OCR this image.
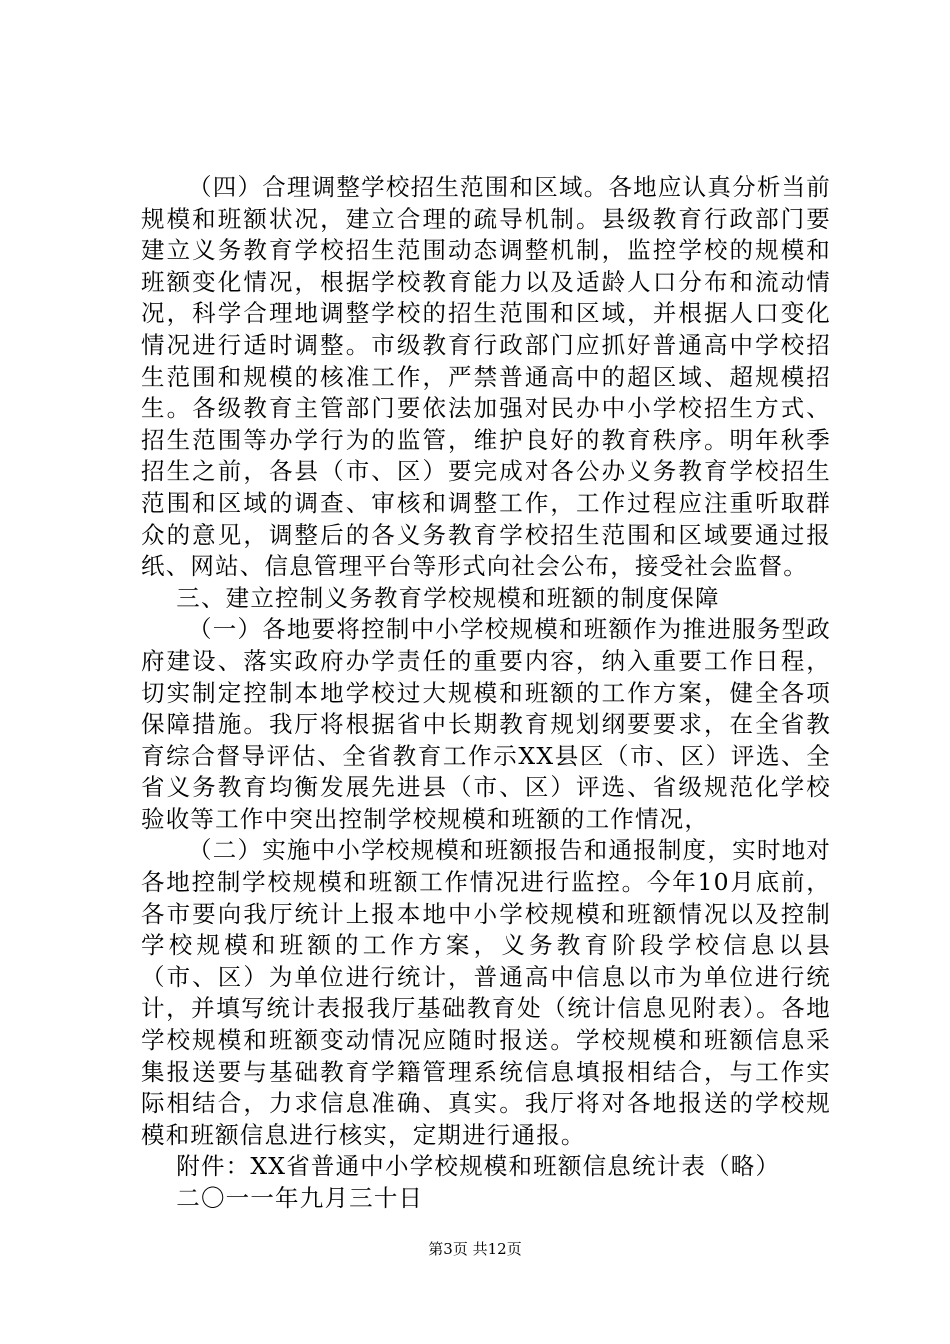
（四）合理调整学校招生范围和区域。各地应认真分析当前规模和班额状况，建立合理的疏导机制。县级教育行政部门要建立义务教育学校招生范围动态调整机制，监控学校的规模和班额变化情况，根据学校教育能力以及适龄人口分布和流动情况，科学合理地调整学校的招生范围和区域，并根据人口变化情况进行适时调整。市级教育行政部门应抓好普通高中学校招生范围和规模的核准工作，严禁普通高中的超区域、超规模招生。各级教育主管部门要依法加强对民办中小学校招生方式、招生范围等办学行为的监管，维护良好的教育秩序。明年秋季招生之前，各县（市、区）要完成对各公办义务教育学校招生范围和区域的调查、审核和调整工作，工作过程应注重听取群众的意见，调整后的各义务教育学校招生范围和区域要通过报纸、网站、信息管理平台等形式向社会公布，接受社会监督。

三、建立控制义务教育学校规模和班额的制度保障

（一）各地要将控制中小学校规模和班额作为推进服务型政府建设、落实政府办学责任的重要内容，纳入重要工作日程，切实制定控制本地学校过大规模和班额的工作方案，健全各项保障措施。我厅将根据省中长期教育规划纲要要求，在全省教育综合督导评估、全省教育工作示XX县区（市、区）评选、全省义务教育均衡发展先进县（市、区）评选、省级规范化学校验收等工作中突出控制学校规模和班额的工作情况，

（二）实施中小学校规模和班额报告和通报制度，实时地对各地控制学校规模和班额工作情况进行监控。今年10月底前，各市要向我厅统计上报本地中小学校规模和班额情况以及控制学校规模和班额的工作方案，义务教育阶段学校信息以县（市、区）为单位进行统计，普通高中信息以市为单位进行统计，并填写统计表报我厅基础教育处（统计信息见附表）。各地学校规模和班额变动情况应随时报送。学校规模和班额信息采集报送要与基础教育学籍管理系统信息填报相结合，与工作实际相结合，力求信息准确、真实。我厅将对各地报送的学校规模和班额信息进行核实，定期进行通报。

附件：XX省普通中小学校规模和班额信息统计表（略）

二〇一一年九月三十日

第3页 共12页
